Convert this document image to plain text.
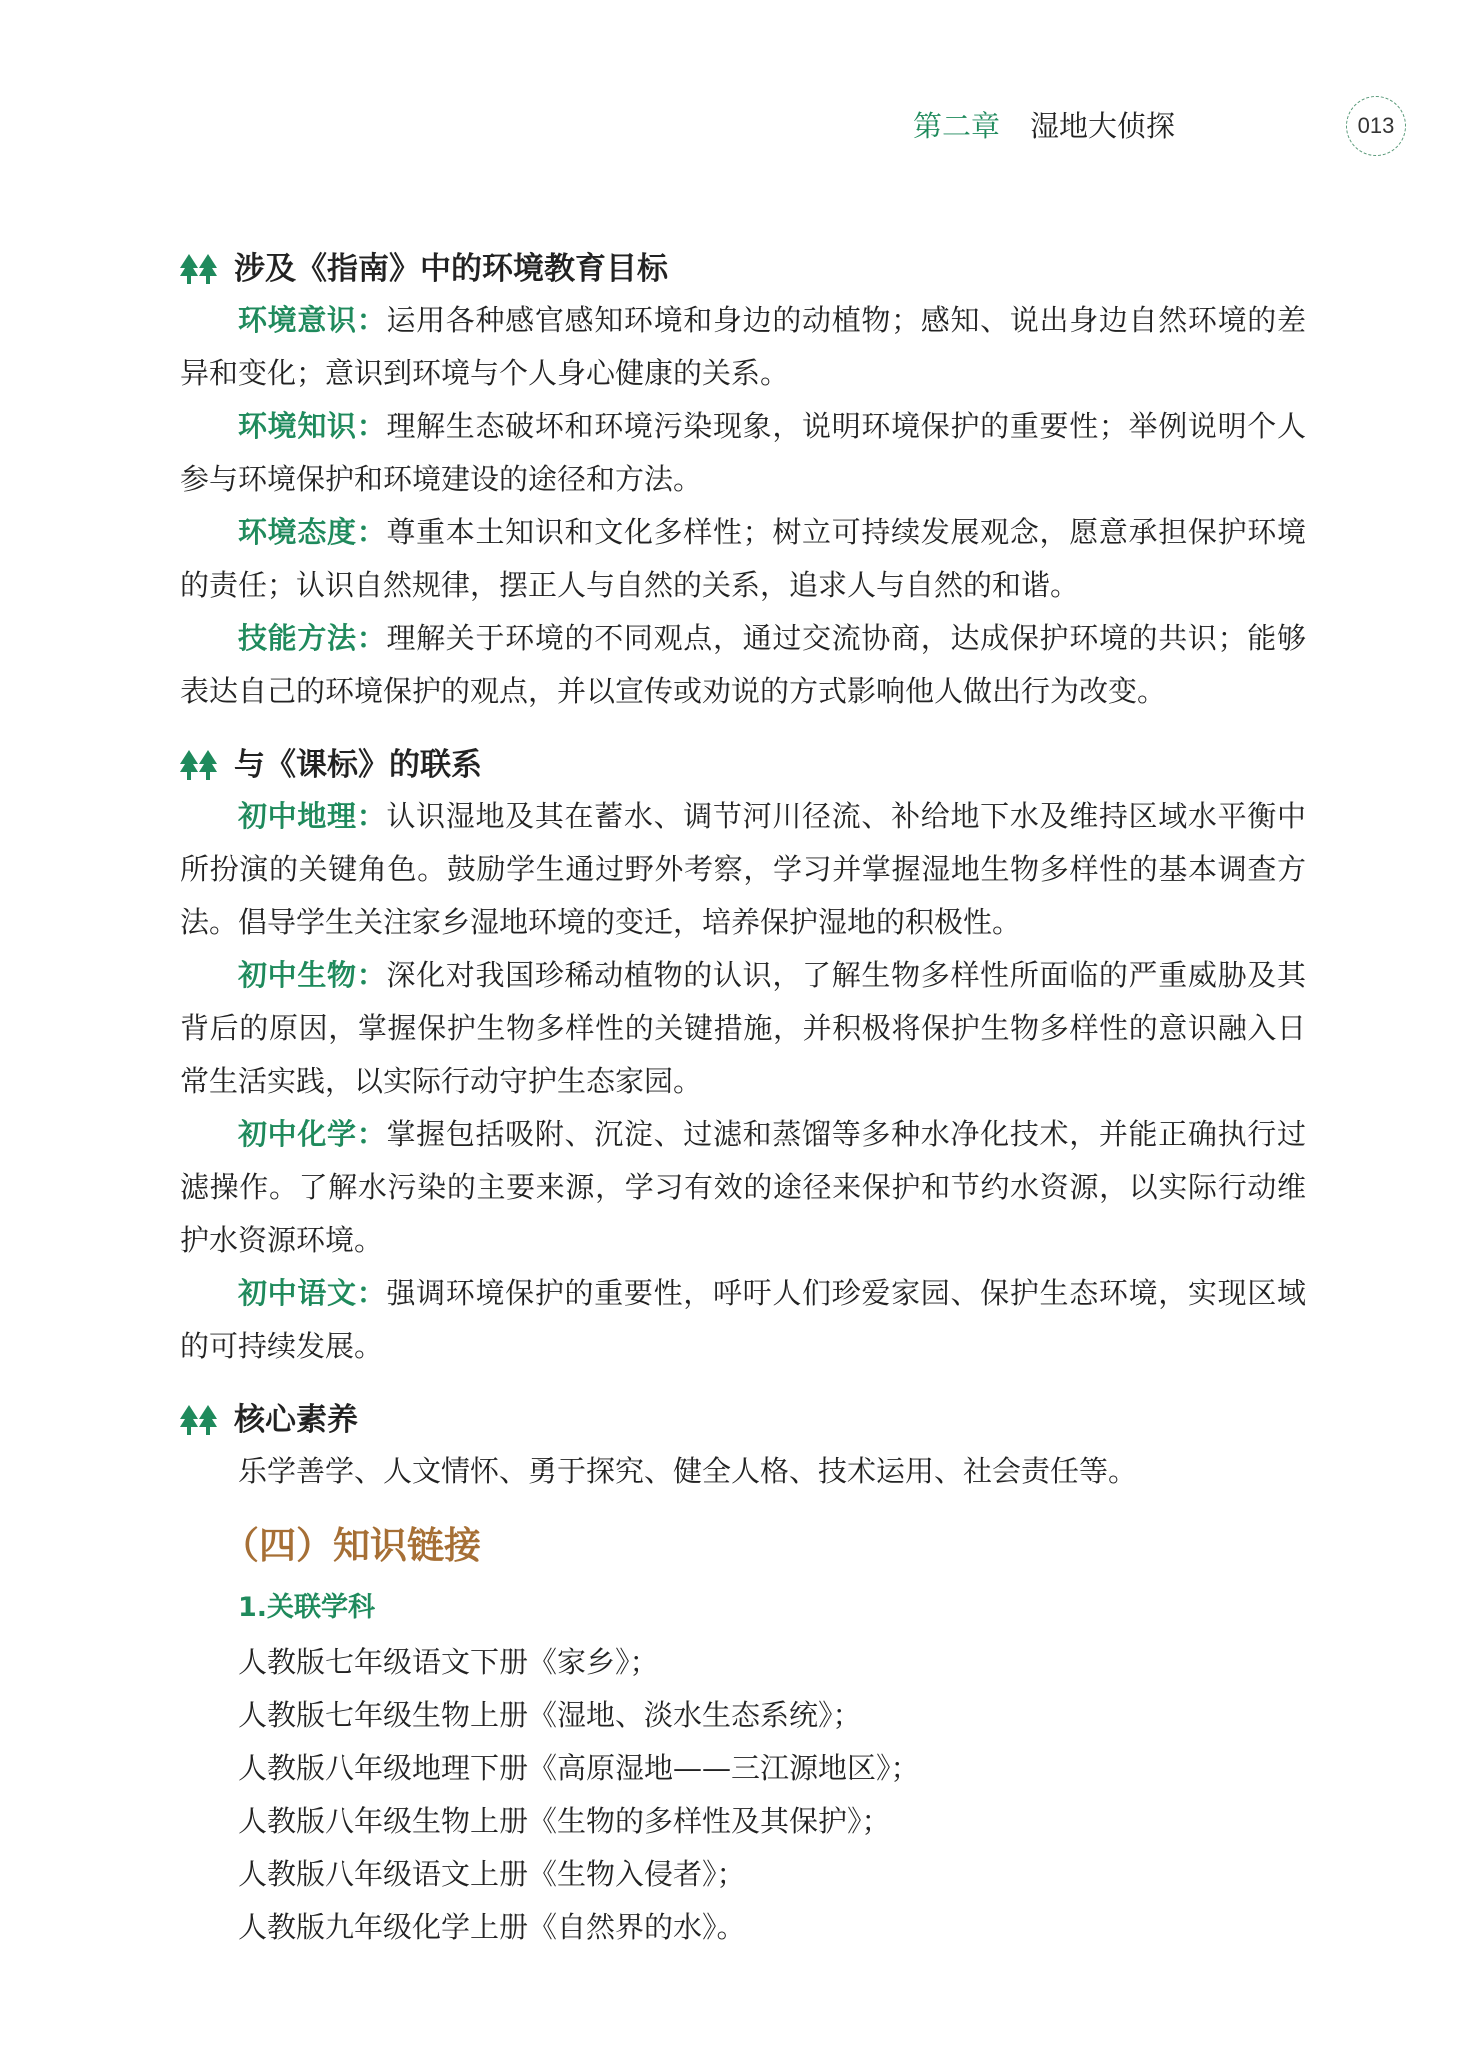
第二章 湿地大侦探	013
涉及《指南》中的环境教育目标

环境意识：运用各种感官感知环境和身边的动植物；感知、说出身边自然环境的差异和变化；意识到环境与个人身心健康的关系。

环境知识：理解生态破坏和环境污染现象，说明环境保护的重要性；举例说明个人参与环境保护和环境建设的途径和方法。

环境态度：尊重本土知识和文化多样性；树立可持续发展观念，愿意承担保护环境的责任；认识自然规律，摆正人与自然的关系，追求人与自然的和谐。

技能方法：理解关于环境的不同观点，通过交流协商，达成保护环境的共识；能够表达自己的环境保护的观点，并以宣传或劝说的方式影响他人做出行为改变。

与《课标》的联系

初中地理：认识湿地及其在蓄水、调节河川径流、补给地下水及维持区域水平衡中所扮演的关键角色。鼓励学生通过野外考察，学习并掌握湿地生物多样性的基本调查方法。倡导学生关注家乡湿地环境的变迁，培养保护湿地的积极性。

初中生物：深化对我国珍稀动植物的认识，了解生物多样性所面临的严重威胁及其背后的原因，掌握保护生物多样性的关键措施，并积极将保护生物多样性的意识融入日常生活实践，以实际行动守护生态家园。

初中化学：掌握包括吸附、沉淀、过滤和蒸馏等多种水净化技术，并能正确执行过滤操作。了解水污染的主要来源，学习有效的途径来保护和节约水资源，以实际行动维护水资源环境。

初中语文：强调环境保护的重要性，呼吁人们珍爱家园、保护生态环境，实现区域的可持续发展。

核心素养

乐学善学、人文情怀、勇于探究、健全人格、技术运用、社会责任等。

（四）知识链接
1.关联学科
人教版七年级语文下册《家乡》；
人教版七年级生物上册《湿地、淡水生态系统》；
人教版八年级地理下册《高原湿地——三江源地区》；
人教版八年级生物上册《生物的多样性及其保护》；
人教版八年级语文上册《生物入侵者》；
人教版九年级化学上册《自然界的水》。
